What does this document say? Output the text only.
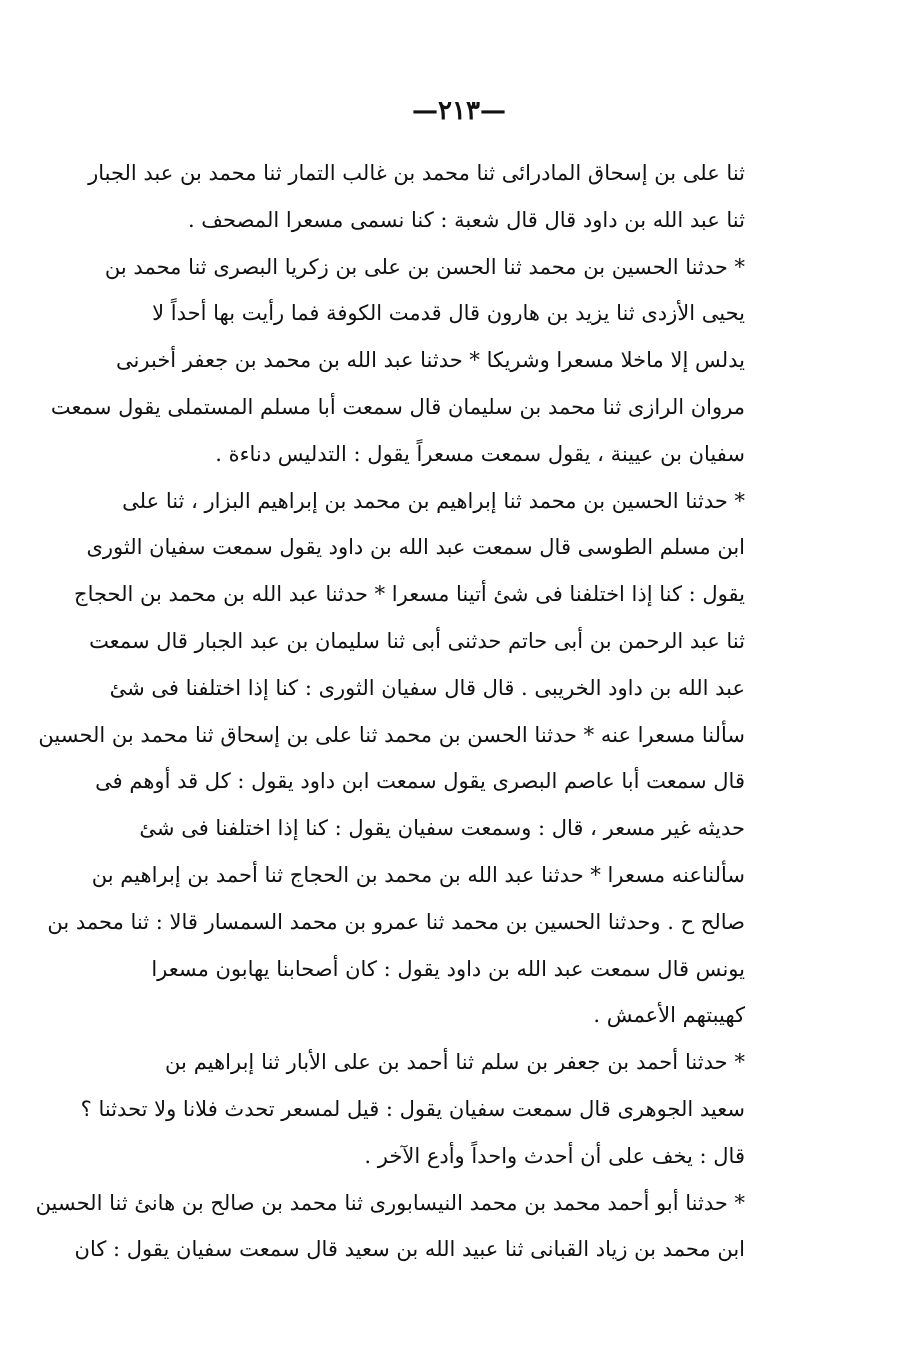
—٢١٣—
ثنا على بن إسحاق المادرائى ثنا محمد بن غالب التمار ثنا محمد بن عبد الجبار
ثنا عبد الله بن داود قال قال شعبة : كنا نسمى مسعرا المصحف .
* حدثنا الحسين بن محمد ثنا الحسن بن على بن زكريا البصرى ثنا محمد بن
يحيى الأزدى ثنا يزيد بن هارون قال قدمت الكوفة فما رأيت بها أحداً لا
يدلس إلا ماخلا مسعرا وشريكا * حدثنا عبد الله بن محمد بن جعفر أخبرنى
مروان الرازى ثنا محمد بن سليمان قال سمعت أبا مسلم المستملى يقول سمعت
سفيان بن عيينة ، يقول سمعت مسعراً يقول : التدليس دناءة .
* حدثنا الحسين بن محمد ثنا إبراهيم بن محمد بن إبراهيم البزار ، ثنا على
ابن مسلم الطوسى قال سمعت عبد الله بن داود يقول سمعت سفيان الثورى
يقول : كنا إذا اختلفنا فى شئ أتينا مسعرا * حدثنا عبد الله بن محمد بن الحجاج
ثنا عبد الرحمن بن أبى حاتم حدثنى أبى ثنا سليمان بن عبد الجبار قال سمعت
عبد الله بن داود الخريبى . قال قال سفيان الثورى : كنا إذا اختلفنا فى شئ
سألنا مسعرا عنه * حدثنا الحسن بن محمد ثنا على بن إسحاق ثنا محمد بن الحسين
قال سمعت أبا عاصم البصرى يقول سمعت ابن داود يقول : كل قد أوهم فى
حديثه غير مسعر ، قال : وسمعت سفيان يقول : كنا إذا اختلفنا فى شئ
سألناعنه مسعرا * حدثنا عبد الله بن محمد بن الحجاج ثنا أحمد بن إبراهيم بن
صالح ح . وحدثنا الحسين بن محمد ثنا عمرو بن محمد السمسار قالا : ثنا محمد بن
يونس قال سمعت عبد الله بن داود يقول : كان أصحابنا يهابون مسعرا
كهيبتهم الأعمش .
* حدثنا أحمد بن جعفر بن سلم ثنا أحمد بن على الأبار ثنا إبراهيم بن
سعيد الجوهرى قال سمعت سفيان يقول : قيل لمسعر تحدث فلانا ولا تحدثنا ؟
قال : يخف على أن أحدث واحداً وأدع الآخر .
* حدثنا أبو أحمد محمد بن محمد النيسابورى ثنا محمد بن صالح بن هانئ ثنا الحسين
ابن محمد بن زياد القبانى ثنا عبيد الله بن سعيد قال سمعت سفيان يقول : كان
